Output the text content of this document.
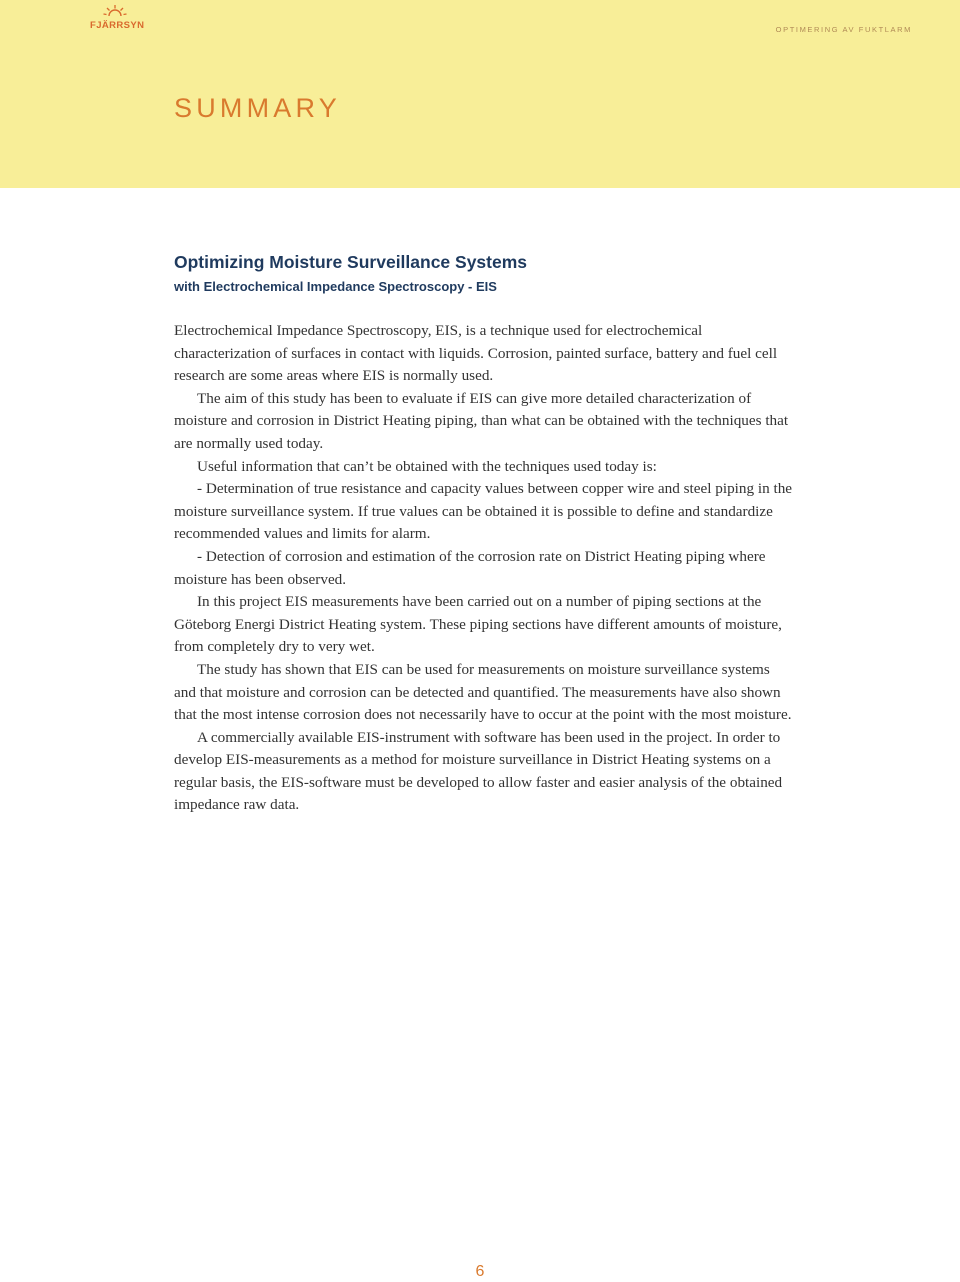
FJÄRRSYN	OPTIMERING AV FUKTLARM
SUMMARY
Optimizing Moisture Surveillance Systems
with Electrochemical Impedance Spectroscopy - EIS

Electrochemical Impedance Spectroscopy, EIS, is a technique used for electrochemical characterization of surfaces in contact with liquids. Corrosion, painted surface, battery and fuel cell research are some areas where EIS is normally used.

The aim of this study has been to evaluate if EIS can give more detailed characterization of moisture and corrosion in District Heating piping, than what can be obtained with the techniques that are normally used today.

Useful information that can’t be obtained with the techniques used today is:

- Determination of true resistance and capacity values between copper wire and steel piping in the moisture surveillance system. If true values can be obtained it is possible to define and standardize recommended values and limits for alarm.

- Detection of corrosion and estimation of the corrosion rate on District Heating piping where moisture has been observed.

In this project EIS measurements have been carried out on a number of piping sections at the Göteborg Energi District Heating system. These piping sections have different amounts of moisture, from completely dry to very wet.

The study has shown that EIS can be used for measurements on moisture surveillance systems and that moisture and corrosion can be detected and quantified. The measurements have also shown that the most intense corrosion does not necessarily have to occur at the point with the most moisture.

A commercially available EIS-instrument with software has been used in the project. In order to develop EIS-measurements as a method for moisture surveillance in District Heating systems on a regular basis, the EIS-software must be developed to allow faster and easier analysis of the obtained impedance raw data.

6
